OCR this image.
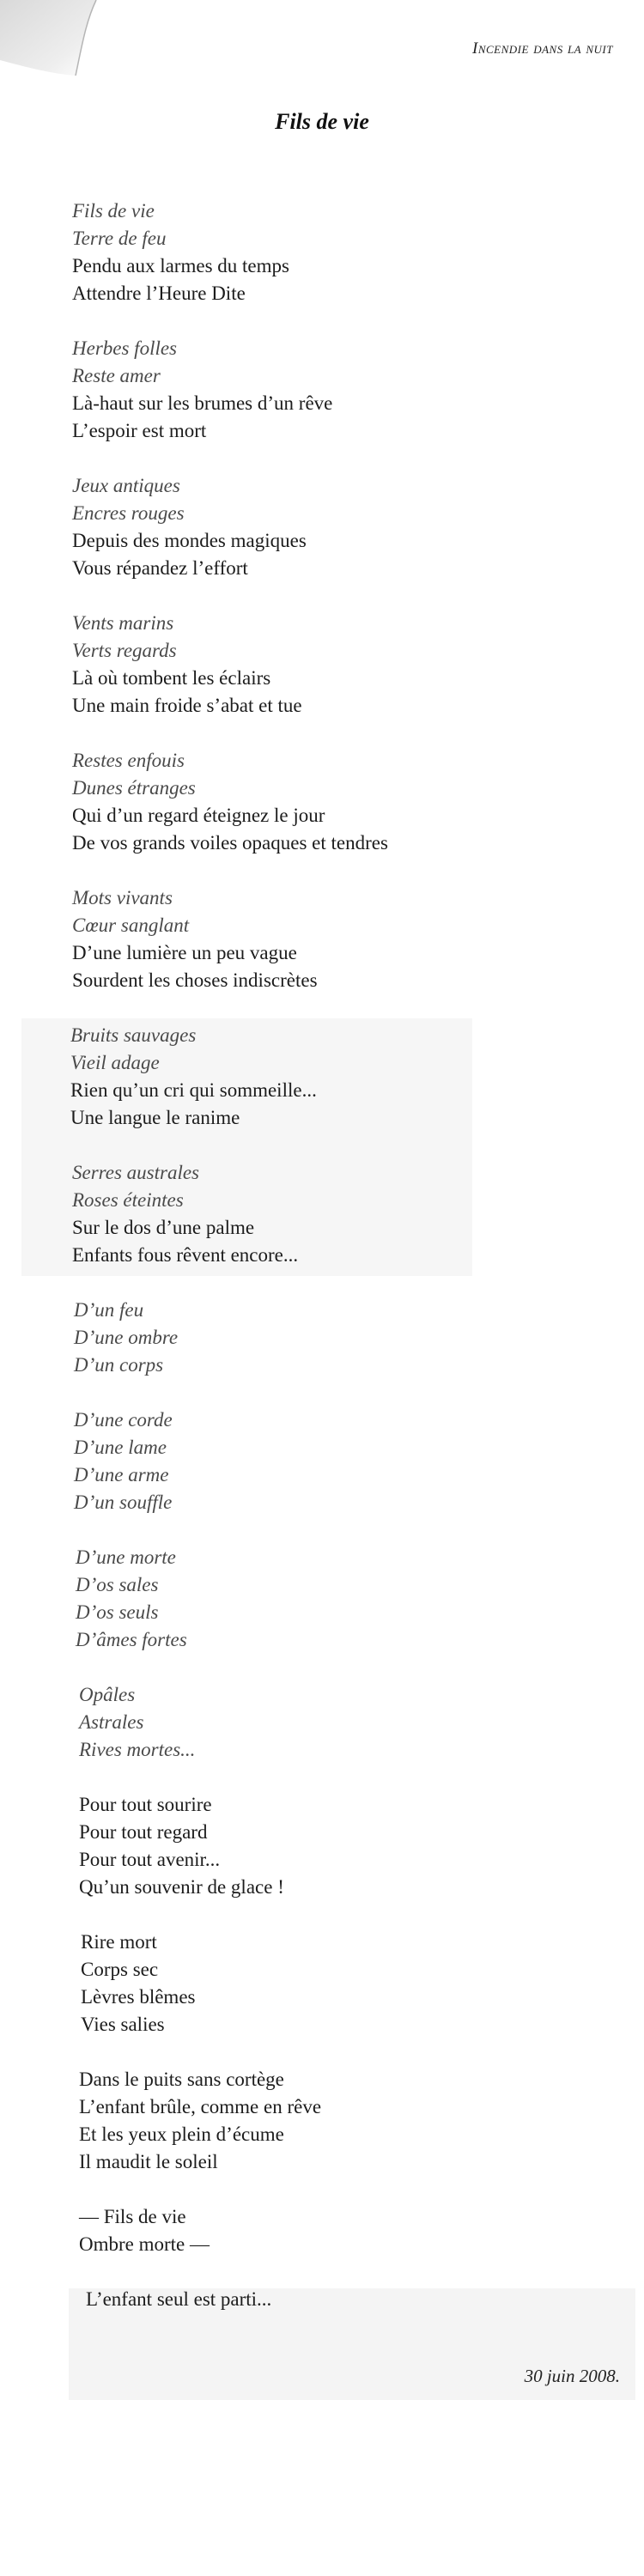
Incendie dans la nuit

Fils de vie
Fils de vie
Terre de feu
Pendu aux larmes du temps
Attendre l’Heure Dite
Herbes folles
Reste amer
Là-haut sur les brumes d’un rêve
L’espoir est mort
Jeux antiques
Encres rouges
Depuis des mondes magiques
Vous répandez l’effort
Vents marins
Verts regards
Là où tombent les éclairs
Une main froide s’abat et tue
Restes enfouis
Dunes étranges
Qui d’un regard éteignez le jour
De vos grands voiles opaques et tendres
Mots vivants
Cœur sanglant
D’une lumière un peu vague
Sourdent les choses indiscrètes
Bruits sauvages
Vieil adage
Rien qu’un cri qui sommeille...
Une langue le ranime
Serres australes
Roses éteintes
Sur le dos d’une palme
Enfants fous rêvent encore...
D’un feu
D’une ombre
D’un corps
D’une corde
D’une lame
D’une arme
D’un souffle
D’une morte
D’os sales
D’os seuls
D’âmes fortes
Opâles
Astrales
Rives mortes...
Pour tout sourire
Pour tout regard
Pour tout avenir...
Qu’un souvenir de glace !
Rire mort
Corps sec
Lèvres blêmes
Vies salies
Dans le puits sans cortège
L’enfant brûle, comme en rêve
Et les yeux plein d’écume
Il maudit le soleil
— Fils de vie
Ombre morte —
L’enfant seul est parti...

30 juin 2008.
